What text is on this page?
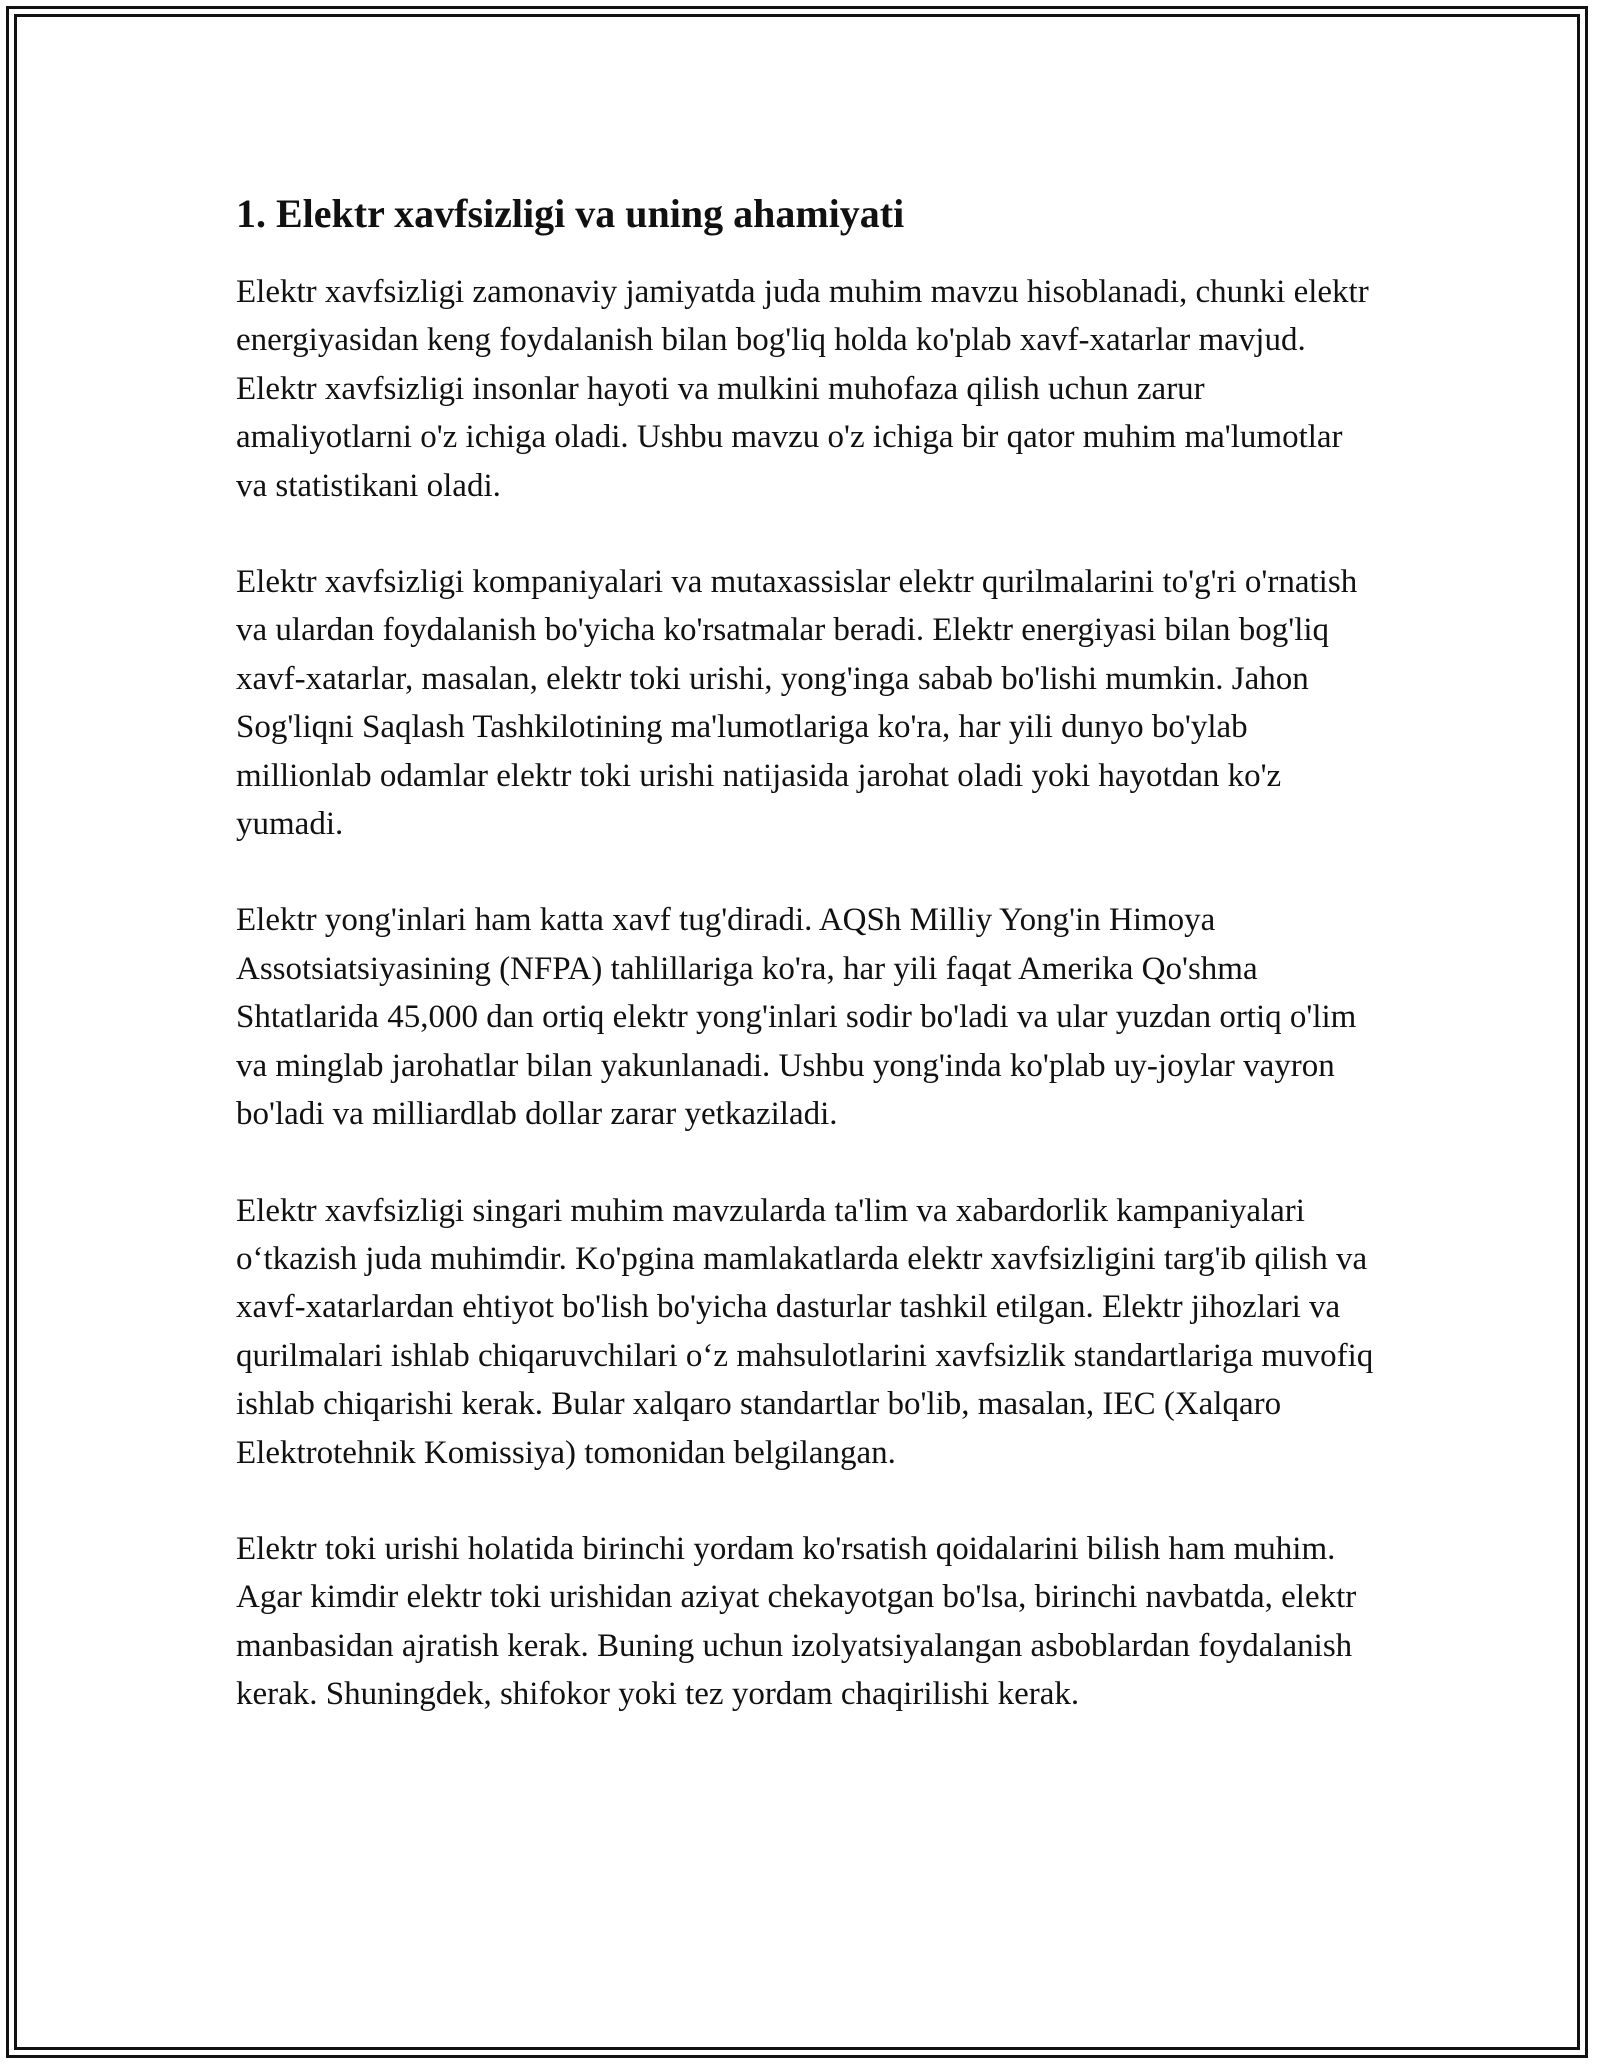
1. Elektr xavfsizligi va uning ahamiyati

Elektr xavfsizligi zamonaviy jamiyatda juda muhim mavzu hisoblanadi, chunki elektr energiyasidan keng foydalanish bilan bog'liq holda ko'plab xavf-xatarlar mavjud. Elektr xavfsizligi insonlar hayoti va mulkini muhofaza qilish uchun zarur amaliyotlarni o'z ichiga oladi. Ushbu mavzu o'z ichiga bir qator muhim ma'lumotlar va statistikani oladi.

Elektr xavfsizligi kompaniyalari va mutaxassislar elektr qurilmalarini to'g'ri o'rnatish va ulardan foydalanish bo'yicha ko'rsatmalar beradi. Elektr energiyasi bilan bog'liq xavf-xatarlar, masalan, elektr toki urishi, yong'inga sabab bo'lishi mumkin. Jahon Sog'liqni Saqlash Tashkilotining ma'lumotlariga ko'ra, har yili dunyo bo'ylab millionlab odamlar elektr toki urishi natijasida jarohat oladi yoki hayotdan ko'z yumadi.

Elektr yong'inlari ham katta xavf tug'diradi. AQSh Milliy Yong'in Himoya Assotsiatsiyasining (NFPA) tahlillariga ko'ra, har yili faqat Amerika Qo'shma Shtatlarida 45,000 dan ortiq elektr yong'inlari sodir bo'ladi va ular yuzdan ortiq o'lim va minglab jarohatlar bilan yakunlanadi. Ushbu yong'inda ko'plab uy-joylar vayron bo'ladi va milliardlab dollar zarar yetkaziladi.

Elektr xavfsizligi singari muhim mavzularda ta'lim va xabardorlik kampaniyalari o‘tkazish juda muhimdir. Ko'pgina mamlakatlarda elektr xavfsizligini targ'ib qilish va xavf-xatarlardan ehtiyot bo'lish bo'yicha dasturlar tashkil etilgan. Elektr jihozlari va qurilmalari ishlab chiqaruvchilari o‘z mahsulotlarini xavfsizlik standartlariga muvofiq ishlab chiqarishi kerak. Bular xalqaro standartlar bo'lib, masalan, IEC (Xalqaro Elektrotehnik Komissiya) tomonidan belgilangan.

Elektr toki urishi holatida birinchi yordam ko'rsatish qoidalarini bilish ham muhim. Agar kimdir elektr toki urishidan aziyat chekayotgan bo'lsa, birinchi navbatda, elektr manbasidan ajratish kerak. Buning uchun izolyatsiyalangan asboblardan foydalanish kerak. Shuningdek, shifokor yoki tez yordam chaqirilishi kerak.
